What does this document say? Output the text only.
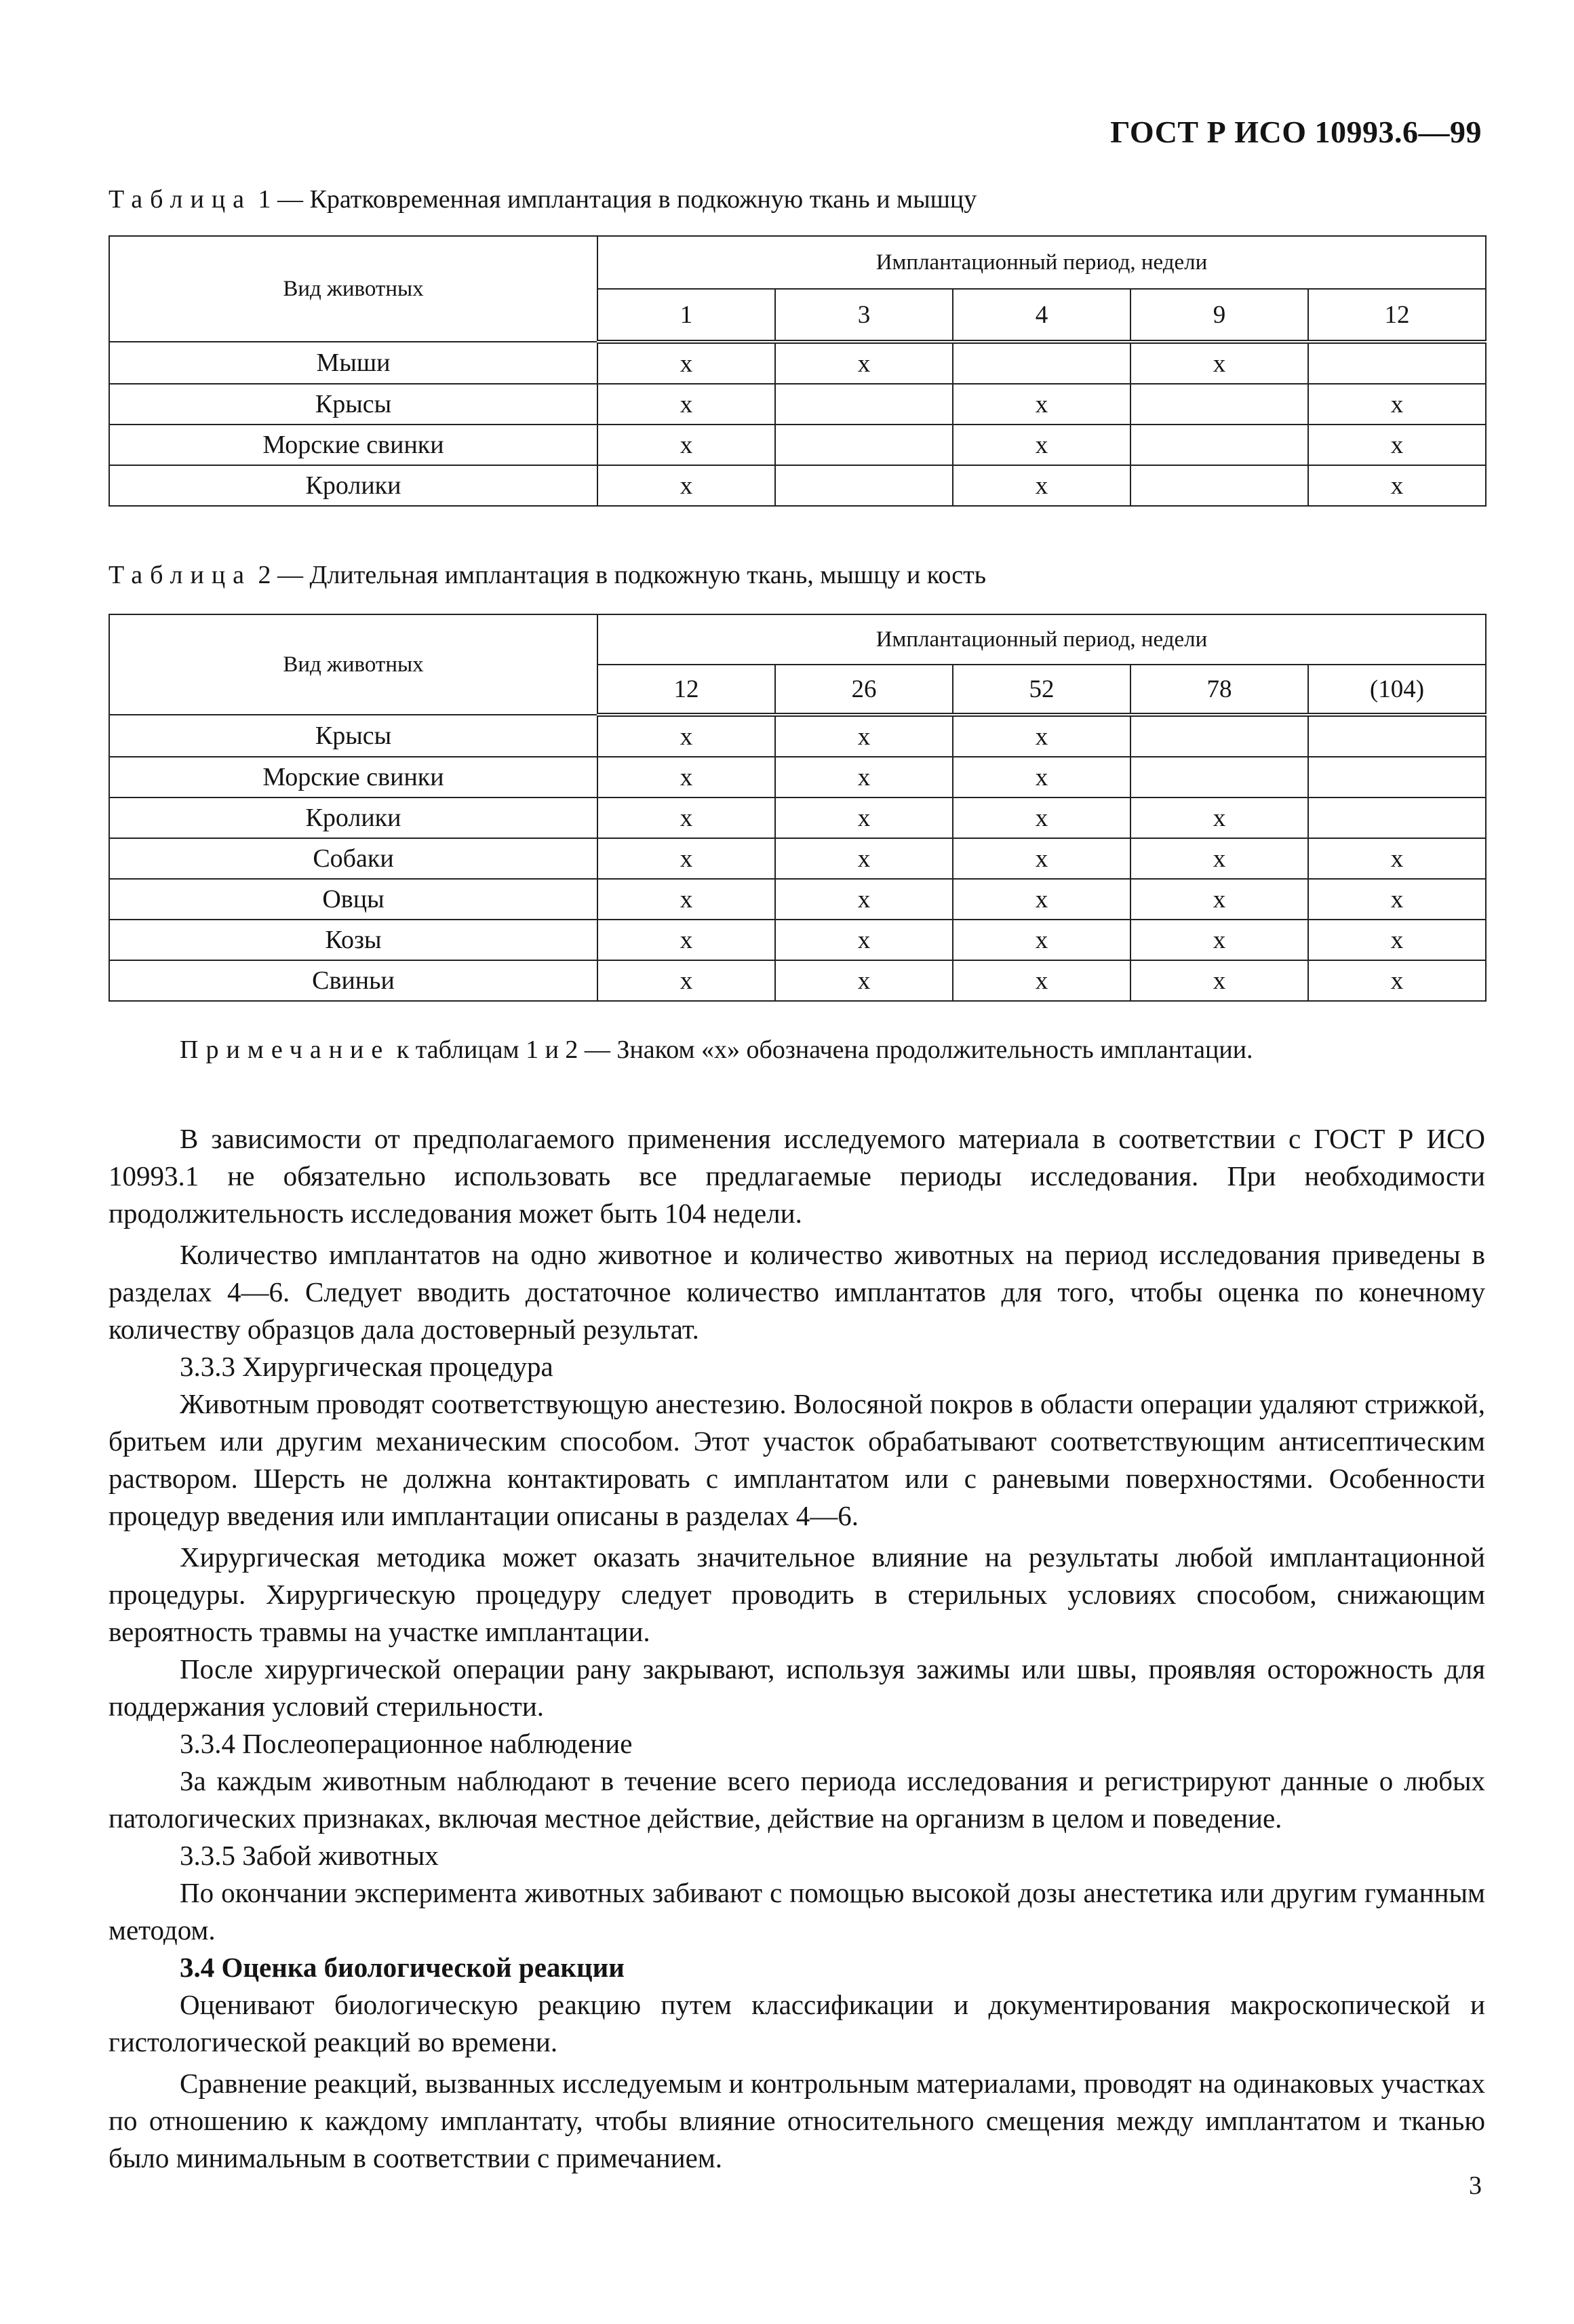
ГОСТ Р ИСО 10993.6—99
Таблица 1 — Кратковременная имплантация в подкожную ткань и мышцу
Вид животных	Имплантационный период, недели				
	1	3	4	9	12
Мыши	x	x		x	
Крысы	x		x		x
Морские свинки	x		x		x
Кролики	x		x		x
Таблица 2 — Длительная имплантация в подкожную ткань, мышцу и кость
Вид животных	Имплантационный период, недели				
	12	26	52	78	(104)
Крысы	x	x	x		
Морские свинки	x	x	x		
Кролики	x	x	x	x	
Собаки	x	x	x	x	x
Овцы	x	x	x	x	x
Козы	x	x	x	x	x
Свиньи	x	x	x	x	x
Примечание к таблицам 1 и 2 — Знаком «х» обозначена продолжительность имплантации.
В зависимости от предполагаемого применения исследуемого материала в соответствии с ГОСТ Р ИСО 10993.1 не обязательно использовать все предлагаемые периоды исследования. При необходимости продолжительность исследования может быть 104 недели.
Количество имплантатов на одно животное и количество животных на период исследования приведены в разделах 4—6. Следует вводить достаточное количество имплантатов для того, чтобы оценка по конечному количеству образцов дала достоверный результат.
3.3.3 Хирургическая процедура
Животным проводят соответствующую анестезию. Волосяной покров в области операции удаляют стрижкой, бритьем или другим механическим способом. Этот участок обрабатывают соответствующим антисептическим раствором. Шерсть не должна контактировать с имплантатом или с раневыми поверхностями. Особенности процедур введения или имплантации описаны в разделах 4—6.
Хирургическая методика может оказать значительное влияние на результаты любой имплантационной процедуры. Хирургическую процедуру следует проводить в стерильных условиях способом, снижающим вероятность травмы на участке имплантации.
После хирургической операции рану закрывают, используя зажимы или швы, проявляя осторожность для поддержания условий стерильности.
3.3.4 Послеоперационное наблюдение
За каждым животным наблюдают в течение всего периода исследования и регистрируют данные о любых патологических признаках, включая местное действие, действие на организм в целом и поведение.
3.3.5 Забой животных
По окончании эксперимента животных забивают с помощью высокой дозы анестетика или другим гуманным методом.
3.4 Оценка биологической реакции
Оценивают биологическую реакцию путем классификации и документирования макроскопической и гистологической реакций во времени.
Сравнение реакций, вызванных исследуемым и контрольным материалами, проводят на одинаковых участках по отношению к каждому имплантату, чтобы влияние относительного смещения между имплантатом и тканью было минимальным в соответствии с примечанием.
3
